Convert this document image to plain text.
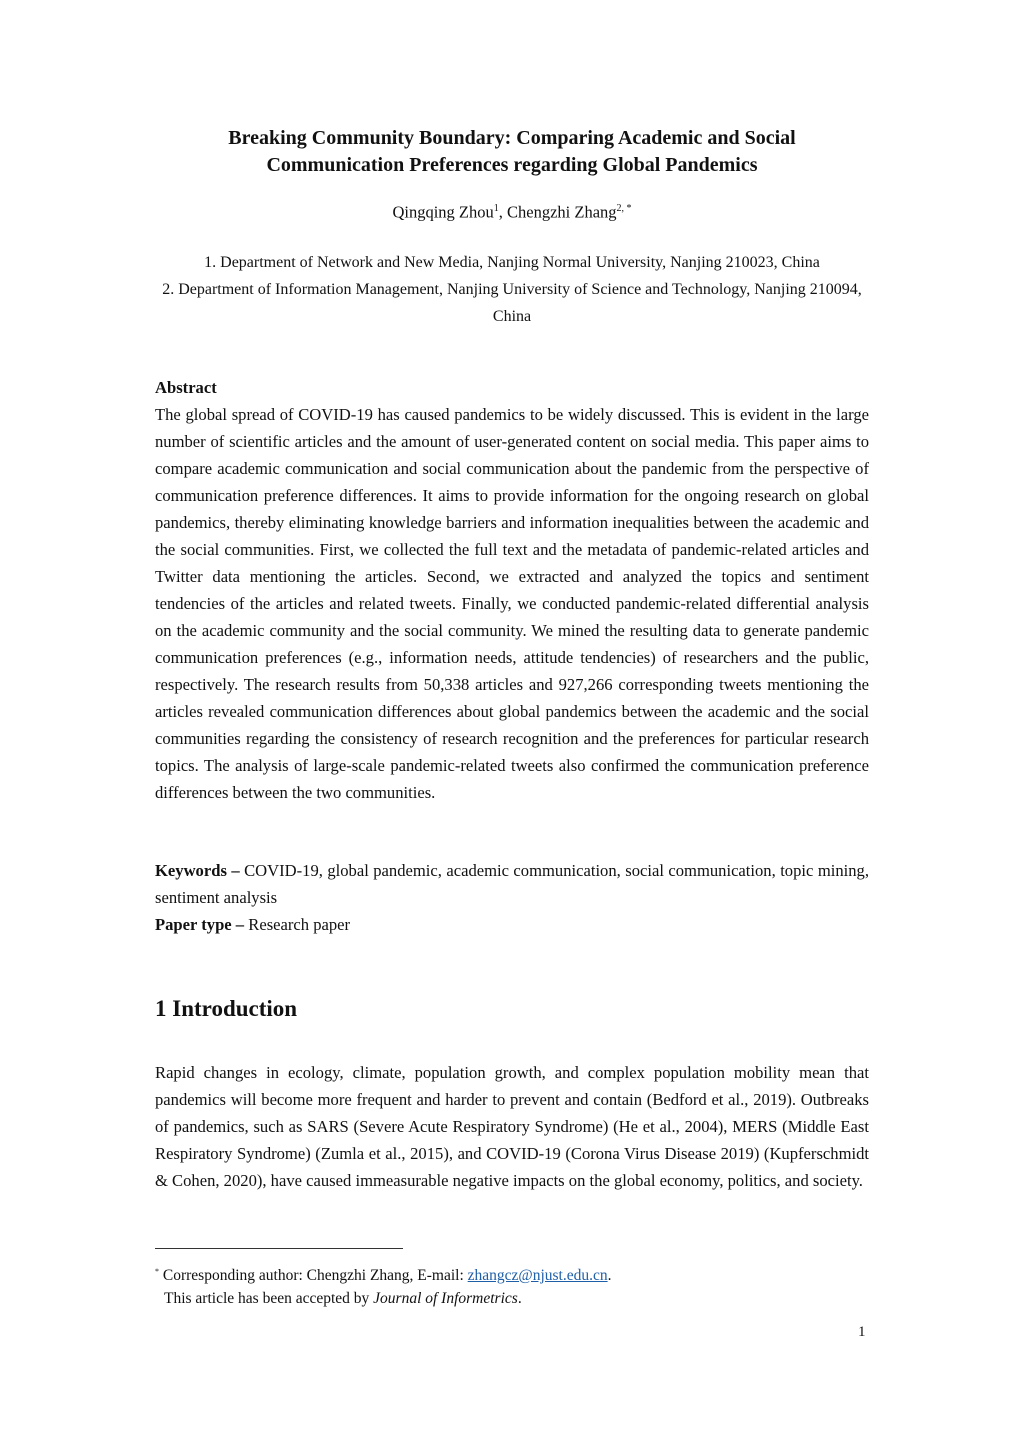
Breaking Community Boundary: Comparing Academic and Social
Communication Preferences regarding Global Pandemics
Qingqing Zhou$^1$, Chengzhi Zhang$^{2, *}$
1. Department of Network and New Media, Nanjing Normal University, Nanjing 210023, China
2. Department of Information Management, Nanjing University of Science and Technology, Nanjing 210094, China
Abstract
The global spread of COVID-19 has caused pandemics to be widely discussed. This is evident in the large number of scientific articles and the amount of user-generated content on social media. This paper aims to compare academic communication and social communication about the pandemic from the perspective of communication preference differences. It aims to provide information for the ongoing research on global pandemics, thereby eliminating knowledge barriers and information inequalities between the academic and the social communities. First, we collected the full text and the metadata of pandemic-related articles and Twitter data mentioning the articles. Second, we extracted and analyzed the topics and sentiment tendencies of the articles and related tweets. Finally, we conducted pandemic-related differential analysis on the academic community and the social community. We mined the resulting data to generate pandemic communication preferences (e.g., information needs, attitude tendencies) of researchers and the public, respectively. The research results from 50,338 articles and 927,266 corresponding tweets mentioning the articles revealed communication differences about global pandemics between the academic and the social communities regarding the consistency of research recognition and the preferences for particular research topics. The analysis of large-scale pandemic-related tweets also confirmed the communication preference differences between the two communities.
Keywords – COVID-19, global pandemic, academic communication, social communication, topic mining, sentiment analysis
Paper type – Research paper
1 Introduction
Rapid changes in ecology, climate, population growth, and complex population mobility mean that pandemics will become more frequent and harder to prevent and contain (Bedford et al., 2019). Outbreaks of pandemics, such as SARS (Severe Acute Respiratory Syndrome) (He et al., 2004), MERS (Middle East Respiratory Syndrome) (Zumla et al., 2015), and COVID-19 (Corona Virus Disease 2019) (Kupferschmidt & Cohen, 2020), have caused immeasurable negative impacts on the global economy, politics, and society.
* Corresponding author: Chengzhi Zhang, E-mail: zhangcz@njust.edu.cn.
This article has been accepted by Journal of Informetrics.
1
